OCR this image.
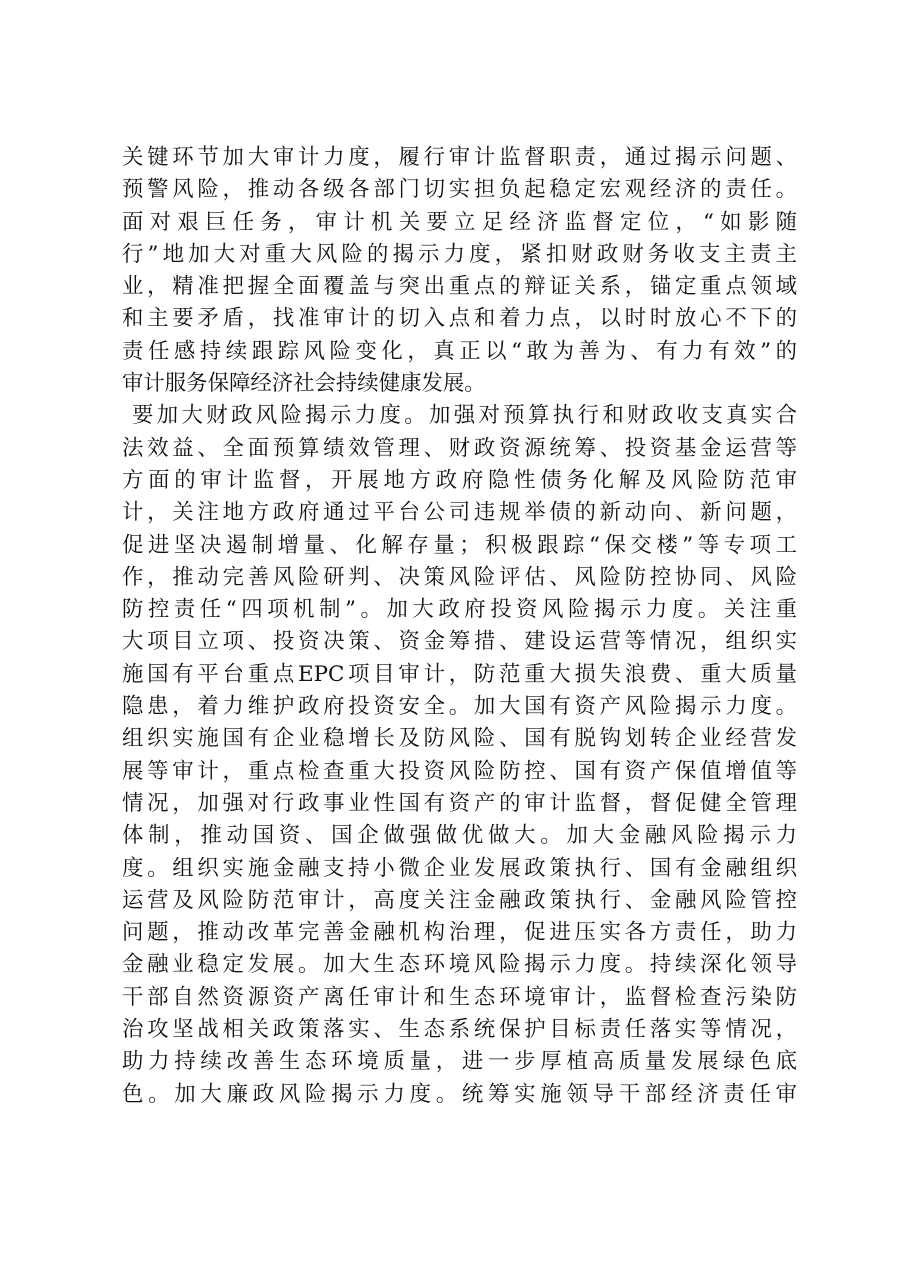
关键环节加大审计力度，履行审计监督职责，通过揭示问题、
预警风险，推动各级各部门切实担负起稳定宏观经济的责任。
面对艰巨任务，审计机关要立足经济监督定位，“如影随
行”地加大对重大风险的揭示力度，紧扣财政财务收支主责主
业，精准把握全面覆盖与突出重点的辩证关系，锚定重点领域
和主要矛盾，找准审计的切入点和着力点，以时时放心不下的
责任感持续跟踪风险变化，真正以“敢为善为、有力有效”的
审计服务保障经济社会持续健康发展。
要加大财政风险揭示力度。加强对预算执行和财政收支真实合
法效益、全面预算绩效管理、财政资源统筹、投资基金运营等
方面的审计监督，开展地方政府隐性债务化解及风险防范审
计，关注地方政府通过平台公司违规举债的新动向、新问题，
促进坚决遏制增量、化解存量；积极跟踪“保交楼”等专项工
作，推动完善风险研判、决策风险评估、风险防控协同、风险
防控责任“四项机制”。加大政府投资风险揭示力度。关注重
大项目立项、投资决策、资金筹措、建设运营等情况，组织实
施国有平台重点EPC项目审计，防范重大损失浪费、重大质量
隐患，着力维护政府投资安全。加大国有资产风险揭示力度。
组织实施国有企业稳增长及防风险、国有脱钩划转企业经营发
展等审计，重点检查重大投资风险防控、国有资产保值增值等
情况，加强对行政事业性国有资产的审计监督，督促健全管理
体制，推动国资、国企做强做优做大。加大金融风险揭示力
度。组织实施金融支持小微企业发展政策执行、国有金融组织
运营及风险防范审计，高度关注金融政策执行、金融风险管控
问题，推动改革完善金融机构治理，促进压实各方责任，助力
金融业稳定发展。加大生态环境风险揭示力度。持续深化领导
干部自然资源资产离任审计和生态环境审计，监督检查污染防
治攻坚战相关政策落实、生态系统保护目标责任落实等情况，
助力持续改善生态环境质量，进一步厚植高质量发展绿色底
色。加大廉政风险揭示力度。统筹实施领导干部经济责任审
